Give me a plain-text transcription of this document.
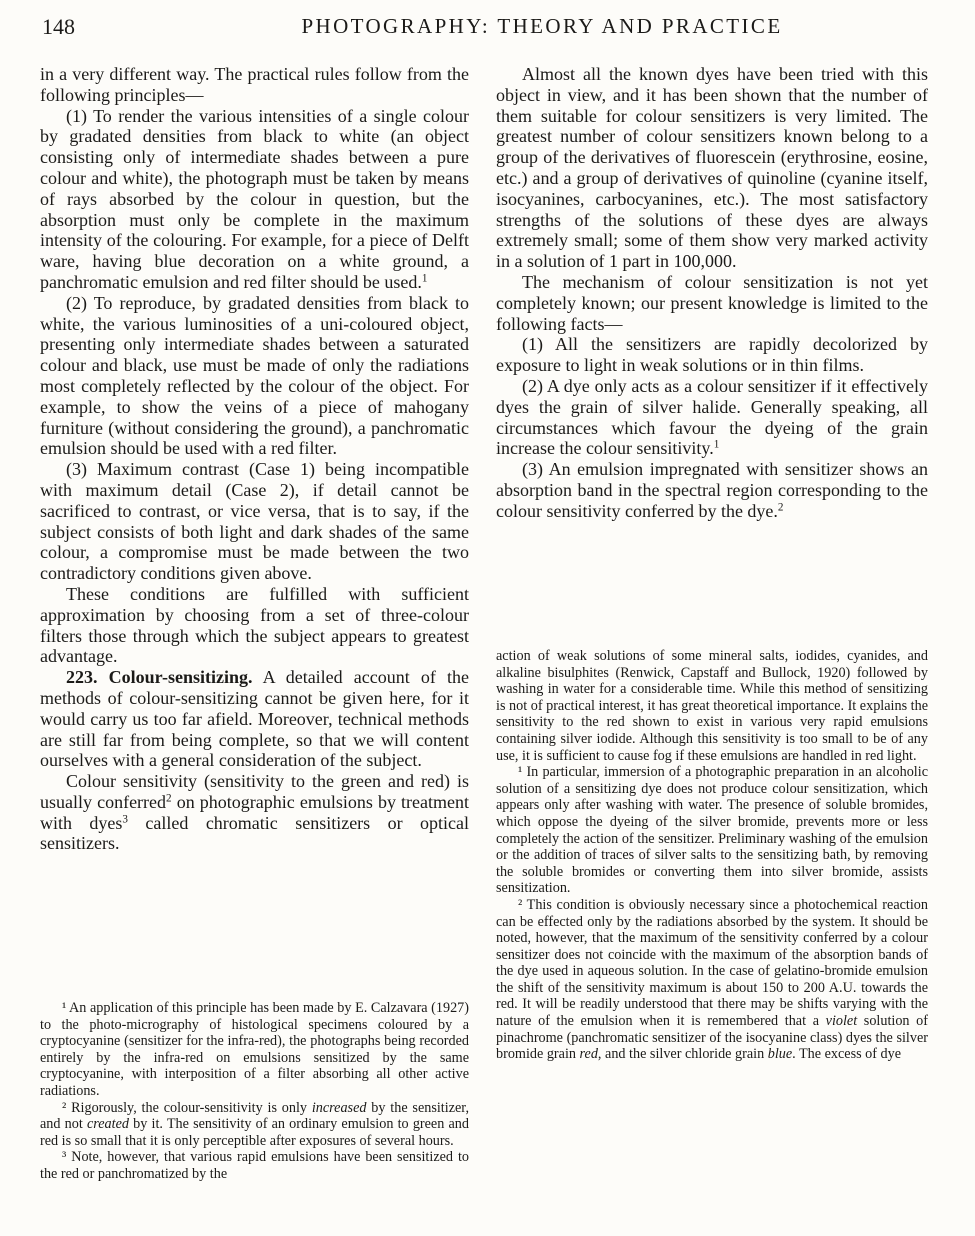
148	PHOTOGRAPHY: THEORY AND PRACTICE

in a very different way. The practical rules follow from the following principles—

(1) To render the various intensities of a single colour by gradated densities from black to white (an object consisting only of intermediate shades between a pure colour and white), the photograph must be taken by means of rays absorbed by the colour in question, but the absorption must only be complete in the maximum intensity of the colouring. For example, for a piece of Delft ware, having blue decoration on a white ground, a panchromatic emulsion and red filter should be used.$^1$

(2) To reproduce, by gradated densities from black to white, the various luminosities of a uni-coloured object, presenting only intermediate shades between a saturated colour and black, use must be made of only the radiations most completely reflected by the colour of the object. For example, to show the veins of a piece of mahogany furniture (without considering the ground), a panchromatic emulsion should be used with a red filter.

(3) Maximum contrast (Case 1) being incompatible with maximum detail (Case 2), if detail cannot be sacrificed to contrast, or vice versa, that is to say, if the subject consists of both light and dark shades of the same colour, a compromise must be made between the two contradictory conditions given above.

These conditions are fulfilled with sufficient approximation by choosing from a set of three-colour filters those through which the subject appears to greatest advantage.

223. Colour-sensitizing. A detailed account of the methods of colour-sensitizing cannot be given here, for it would carry us too far afield. Moreover, technical methods are still far from being complete, so that we will content ourselves with a general consideration of the subject.

Colour sensitivity (sensitivity to the green and red) is usually conferred$^2$ on photographic emulsions by treatment with dyes$^3$ called chromatic sensitizers or optical sensitizers.

¹ An application of this principle has been made by E. Calzavara (1927) to the photo-micrography of histological specimens coloured by a cryptocyanine (sensitizer for the infra-red), the photographs being recorded entirely by the infra-red on emulsions sensitized by the same cryptocyanine, with interposition of a filter absorbing all other active radiations.

² Rigorously, the colour-sensitivity is only increased by the sensitizer, and not created by it. The sensitivity of an ordinary emulsion to green and red is so small that it is only perceptible after exposures of several hours.

³ Note, however, that various rapid emulsions have been sensitized to the red or panchromatized by the

Almost all the known dyes have been tried with this object in view, and it has been shown that the number of them suitable for colour sensitizers is very limited. The greatest number of colour sensitizers known belong to a group of the derivatives of fluorescein (erythrosine, eosine, etc.) and a group of derivatives of quinoline (cyanine itself, isocyanines, carbocyanines, etc.). The most satisfactory strengths of the solutions of these dyes are always extremely small; some of them show very marked activity in a solution of 1 part in 100,000.

The mechanism of colour sensitization is not yet completely known; our present knowledge is limited to the following facts—

(1) All the sensitizers are rapidly decolorized by exposure to light in weak solutions or in thin films.

(2) A dye only acts as a colour sensitizer if it effectively dyes the grain of silver halide. Generally speaking, all circumstances which favour the dyeing of the grain increase the colour sensitivity.$^1$

(3) An emulsion impregnated with sensitizer shows an absorption band in the spectral region corresponding to the colour sensitivity conferred by the dye.$^2$

action of weak solutions of some mineral salts, iodides, cyanides, and alkaline bisulphites (Renwick, Capstaff and Bullock, 1920) followed by washing in water for a considerable time. While this method of sensitizing is not of practical interest, it has great theoretical importance. It explains the sensitivity to the red shown to exist in various very rapid emulsions containing silver iodide. Although this sensitivity is too small to be of any use, it is sufficient to cause fog if these emulsions are handled in red light.

¹ In particular, immersion of a photographic preparation in an alcoholic solution of a sensitizing dye does not produce colour sensitization, which appears only after washing with water. The presence of soluble bromides, which oppose the dyeing of the silver bromide, prevents more or less completely the action of the sensitizer. Preliminary washing of the emulsion or the addition of traces of silver salts to the sensitizing bath, by removing the soluble bromides or converting them into silver bromide, assists sensitization.

² This condition is obviously necessary since a photochemical reaction can be effected only by the radiations absorbed by the system. It should be noted, however, that the maximum of the sensitivity conferred by a colour sensitizer does not coincide with the maximum of the absorption bands of the dye used in aqueous solution. In the case of gelatino-bromide emulsion the shift of the sensitivity maximum is about 150 to 200 A.U. towards the red. It will be readily understood that there may be shifts varying with the nature of the emulsion when it is remembered that a violet solution of pinachrome (panchromatic sensitizer of the isocyanine class) dyes the silver bromide grain red, and the silver chloride grain blue. The excess of dye
